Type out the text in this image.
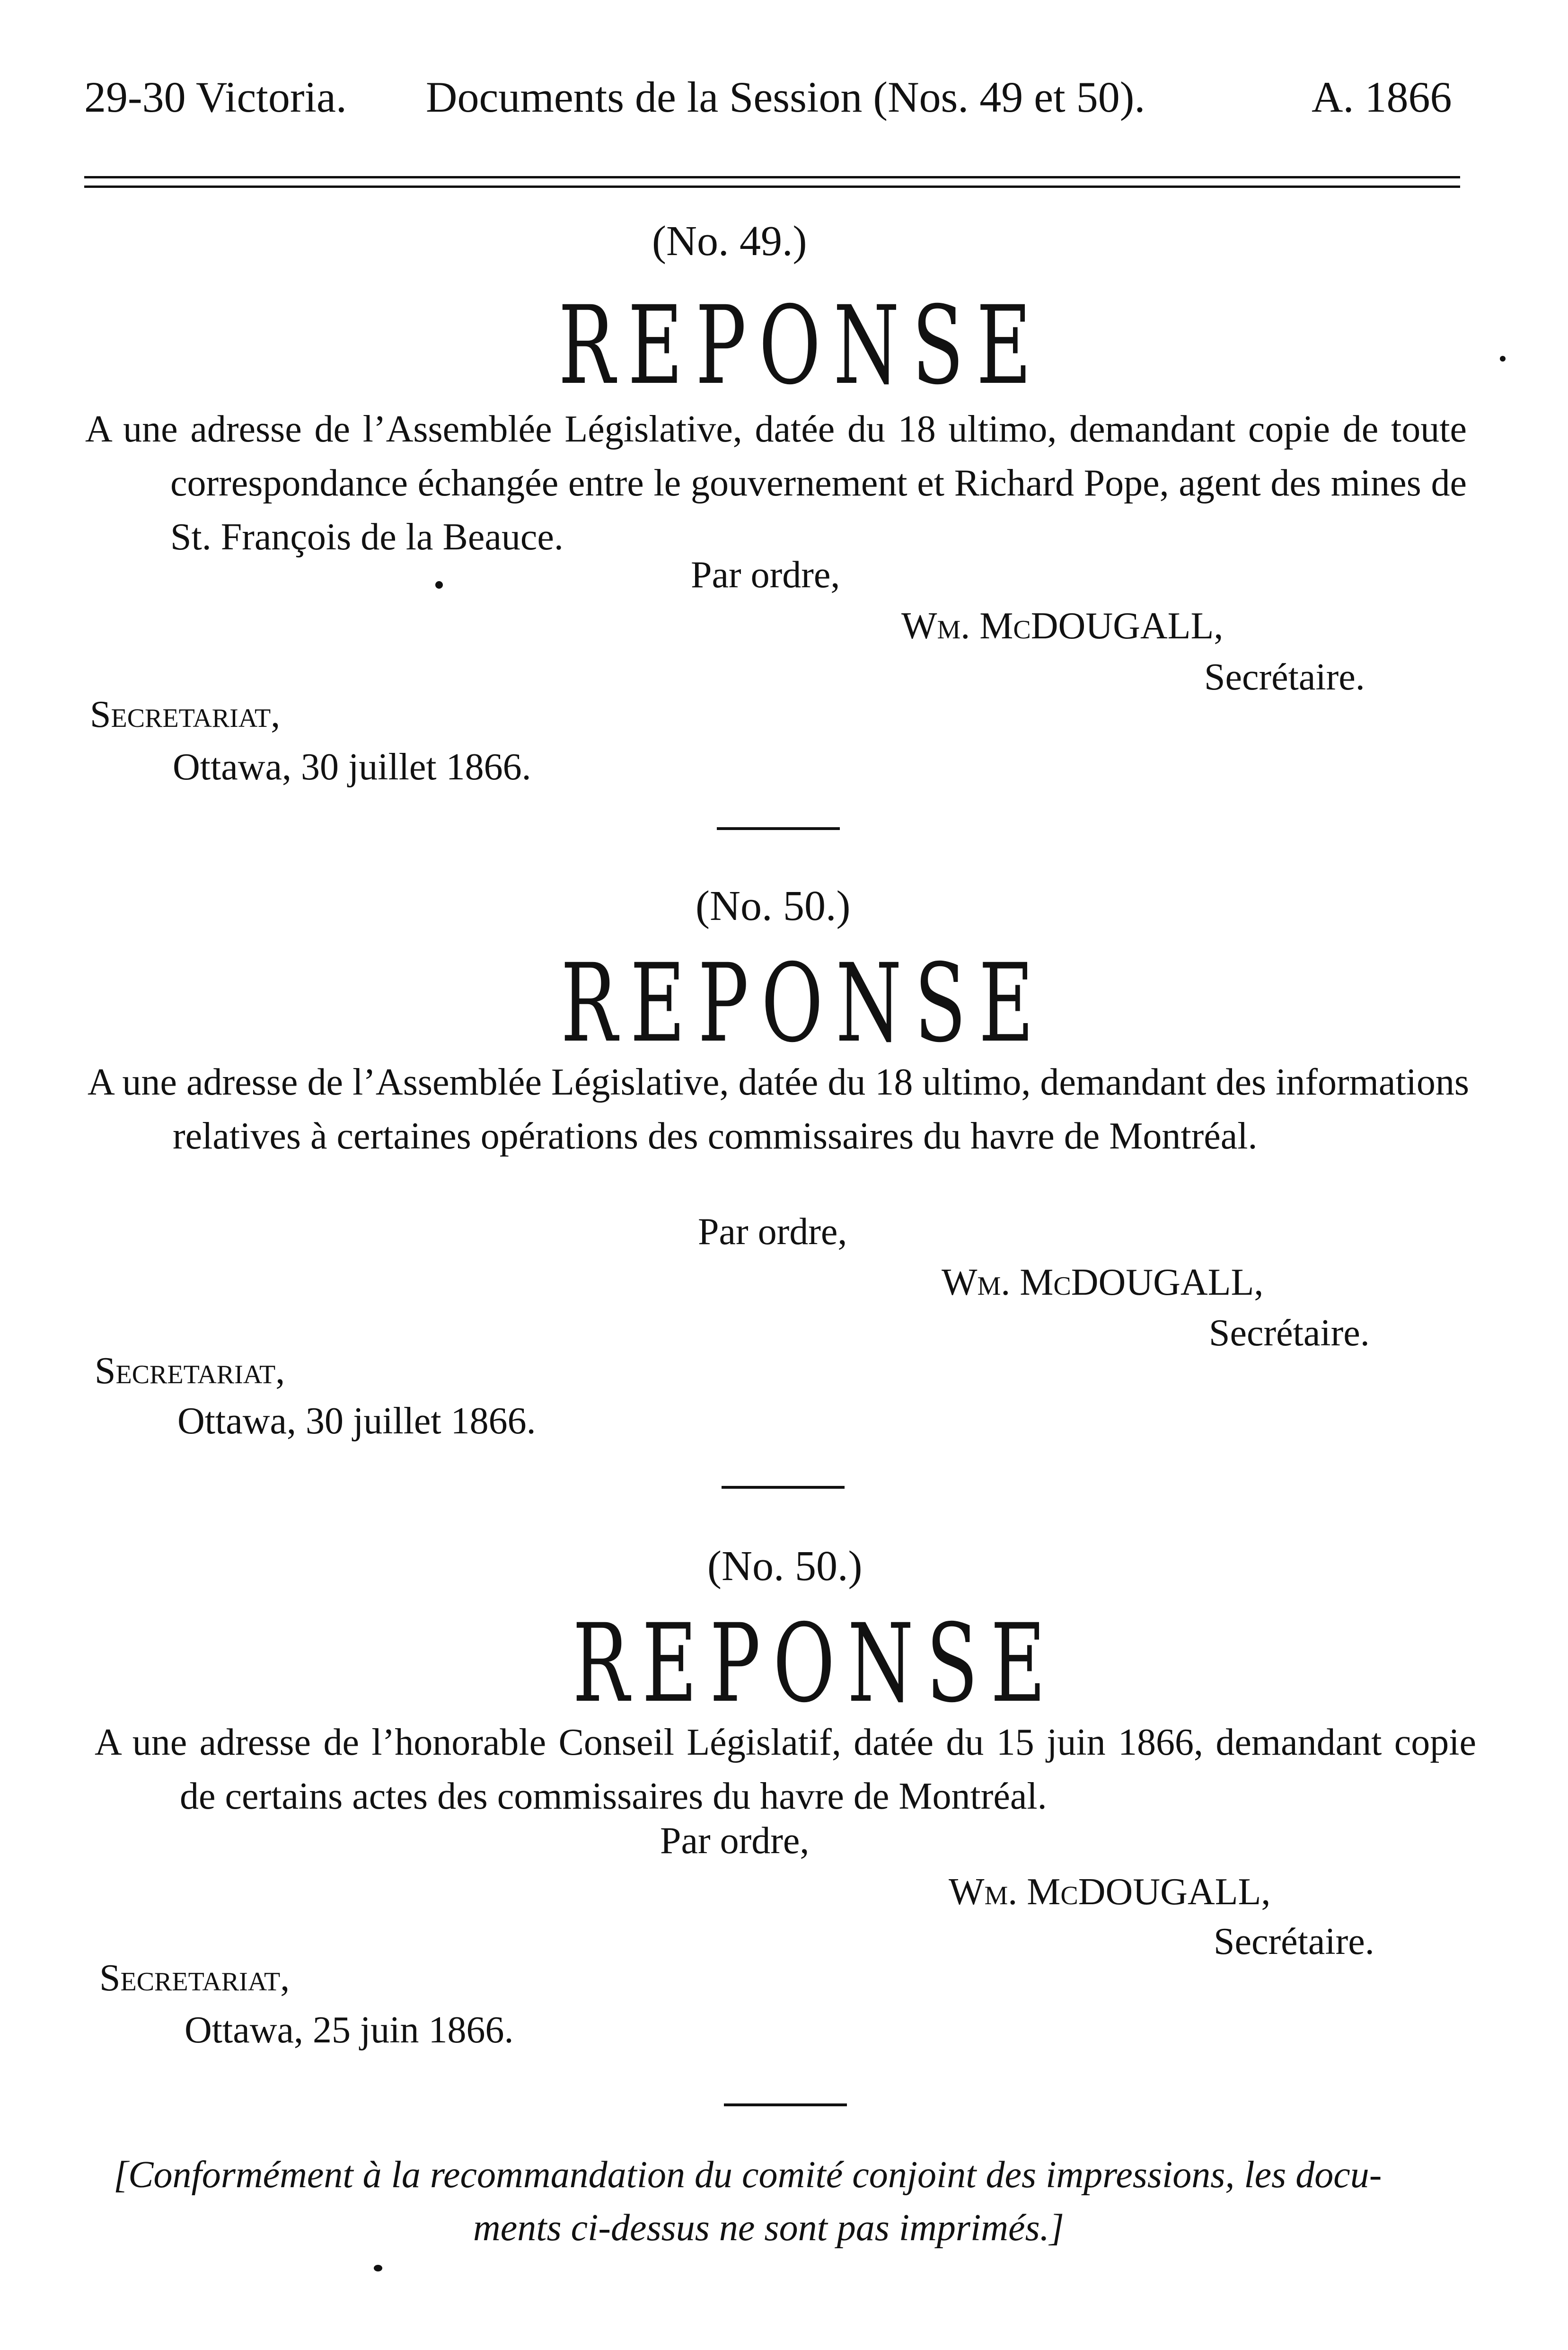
29-30 Victoria. Documents de la Session (Nos. 49 et 50).	A. 1866
(No. 49.)
REPONSE
A une adresse de l’Assemblée Législative, datée du 18 ultimo, demandant copie de toute correspondance échangée entre le gouvernement et Richard Pope, agent des mines de St. François de la Beauce.
Par ordre,
Wm. McDOUGALL,
Secrétaire.
Secretariat,
Ottawa, 30 juillet 1866.
(No. 50.)
REPONSE
A une adresse de l’Assemblée Législative, datée du 18 ultimo, demandant des informations relatives à certaines opérations des commissaires du havre de Montréal.
Par ordre,
Wm. McDOUGALL,
Secrétaire.
Secretariat,
Ottawa, 30 juillet 1866.
(No. 50.)
REPONSE
A une adresse de l’honorable Conseil Législatif, datée du 15 juin 1866, demandant copie de certains actes des commissaires du havre de Montréal.
Par ordre,
Wm. McDOUGALL,
Secrétaire.
Secretariat,
Ottawa, 25 juin 1866.
[Conformément à la recommandation du comité conjoint des impressions, les docu-
ments ci-dessus ne sont pas imprimés.]
